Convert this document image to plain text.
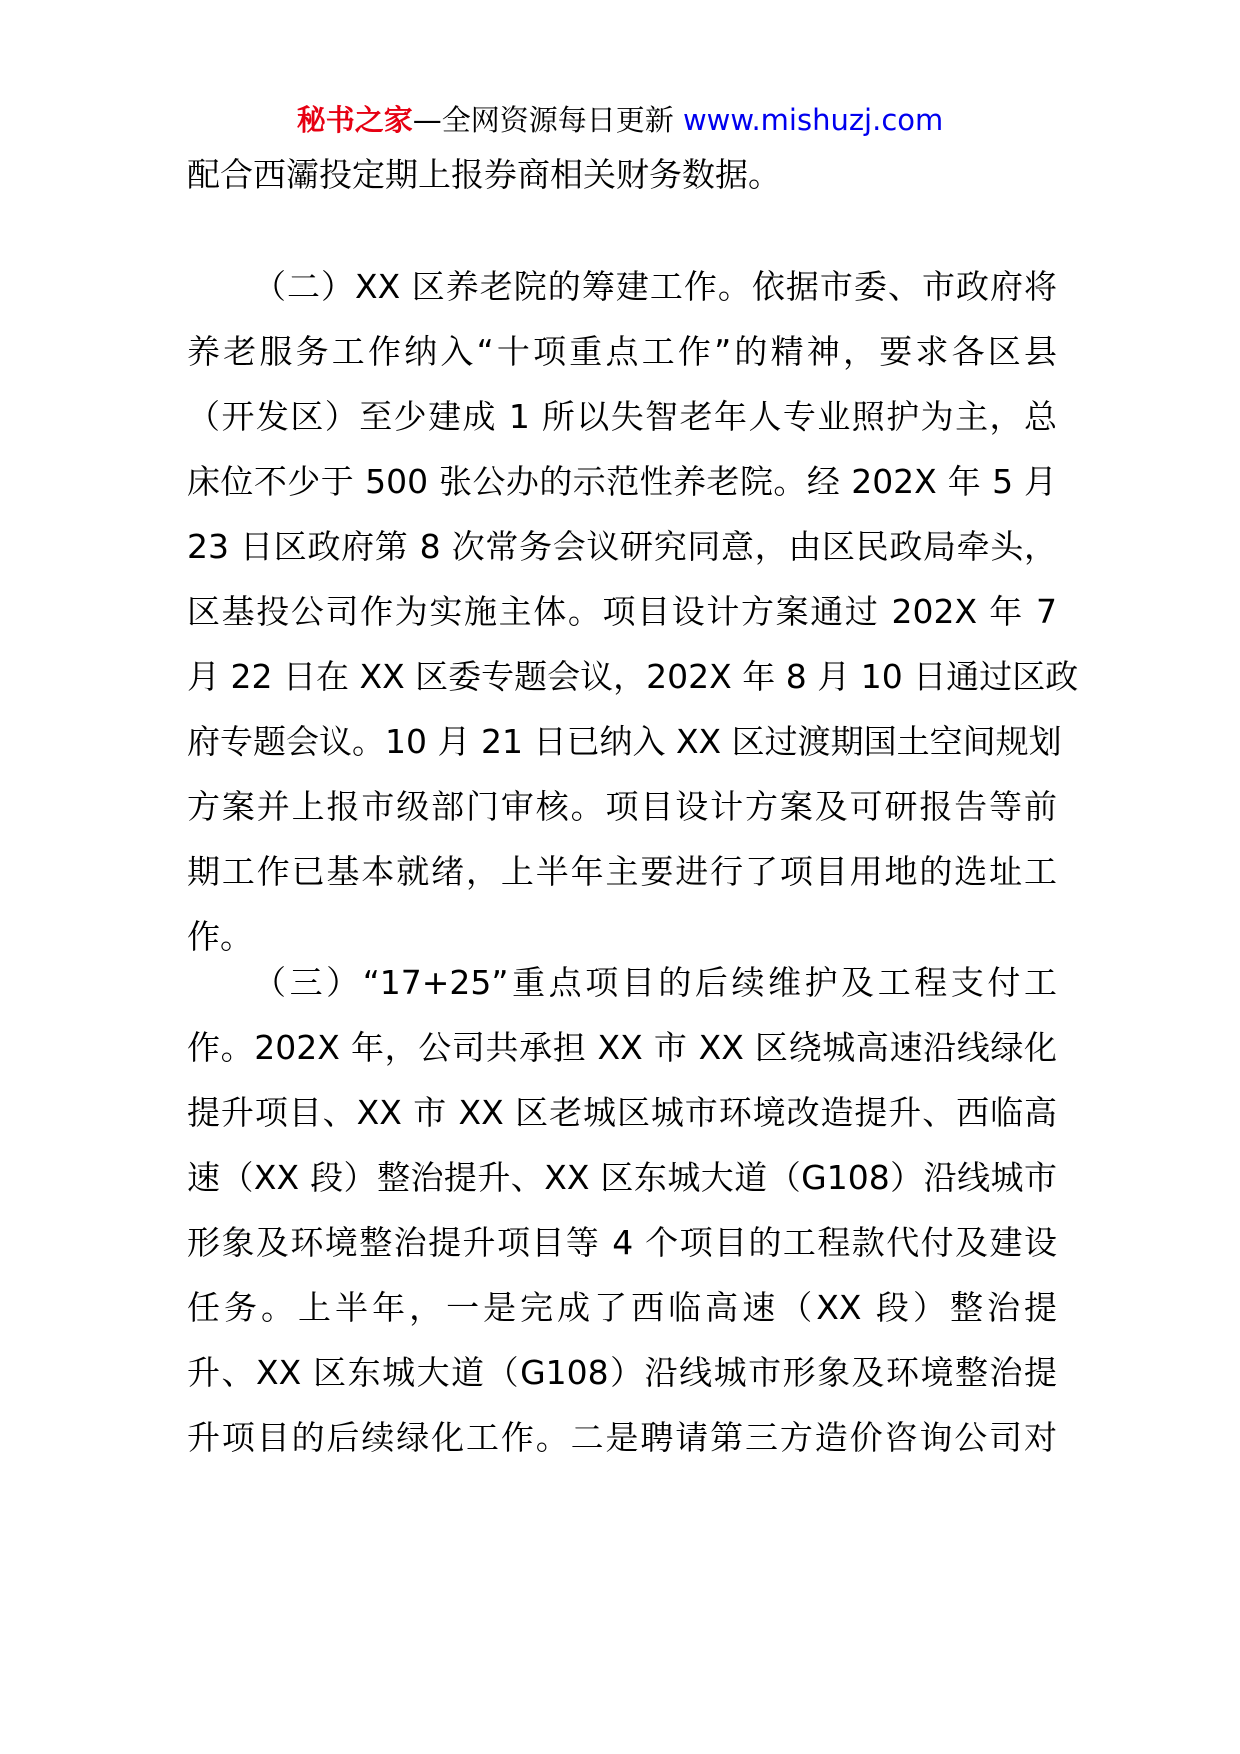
秘书之家—全网资源每日更新 www.mishuzj.com
配合西灞投定期上报券商相关财务数据。
（二）XX 区养老院的筹建工作。依据市委、市政府将
养老服务工作纳入“十项重点工作”的精神，要求各区县
（开发区）至少建成 1 所以失智老年人专业照护为主，总
床位不少于 500 张公办的示范性养老院。经 202X 年 5 月
23 日区政府第 8 次常务会议研究同意，由区民政局牵头，
区基投公司作为实施主体。项目设计方案通过 202X 年 7
月 22 日在 XX 区委专题会议，202X 年 8 月 10 日通过区政
府专题会议。10 月 21 日已纳入 XX 区过渡期国土空间规划
方案并上报市级部门审核。项目设计方案及可研报告等前
期工作已基本就绪，上半年主要进行了项目用地的选址工
作。
（三）“17+25”重点项目的后续维护及工程支付工
作。202X 年，公司共承担 XX 市 XX 区绕城高速沿线绿化
提升项目、XX 市 XX 区老城区城市环境改造提升、西临高
速（XX 段）整治提升、XX 区东城大道（G108）沿线城市
形象及环境整治提升项目等 4 个项目的工程款代付及建设
任务。上半年，一是完成了西临高速（XX 段）整治提
升、XX 区东城大道（G108）沿线城市形象及环境整治提
升项目的后续绿化工作。二是聘请第三方造价咨询公司对
